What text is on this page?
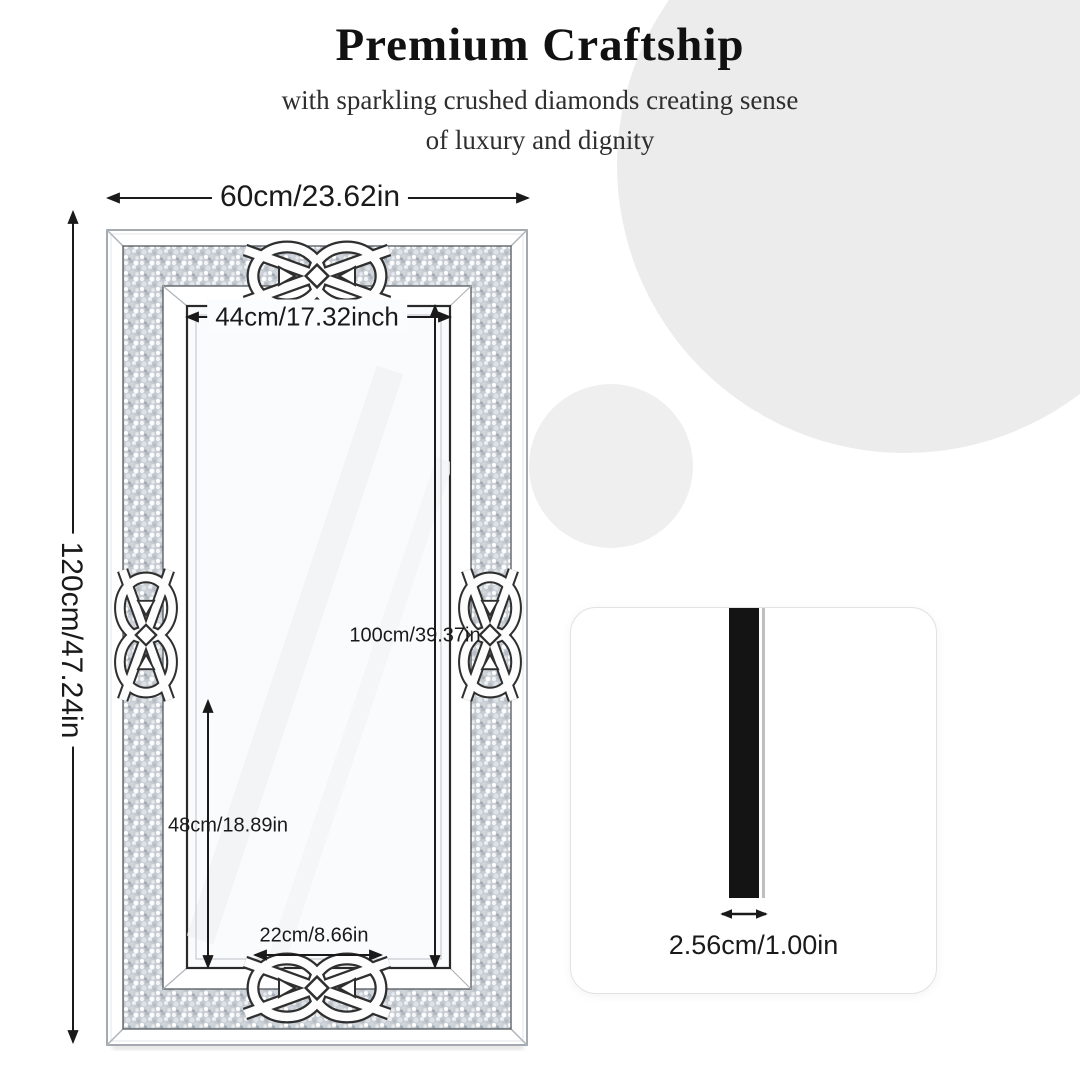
Premium Craftship
with sparkling crushed diamonds creating sense
of luxury and dignity
60cm/23.62in
120cm/47.24in
44cm/17.32inch
100cm/39.37in
48cm/18.89in
22cm/8.66in	2.56cm/1.00in
